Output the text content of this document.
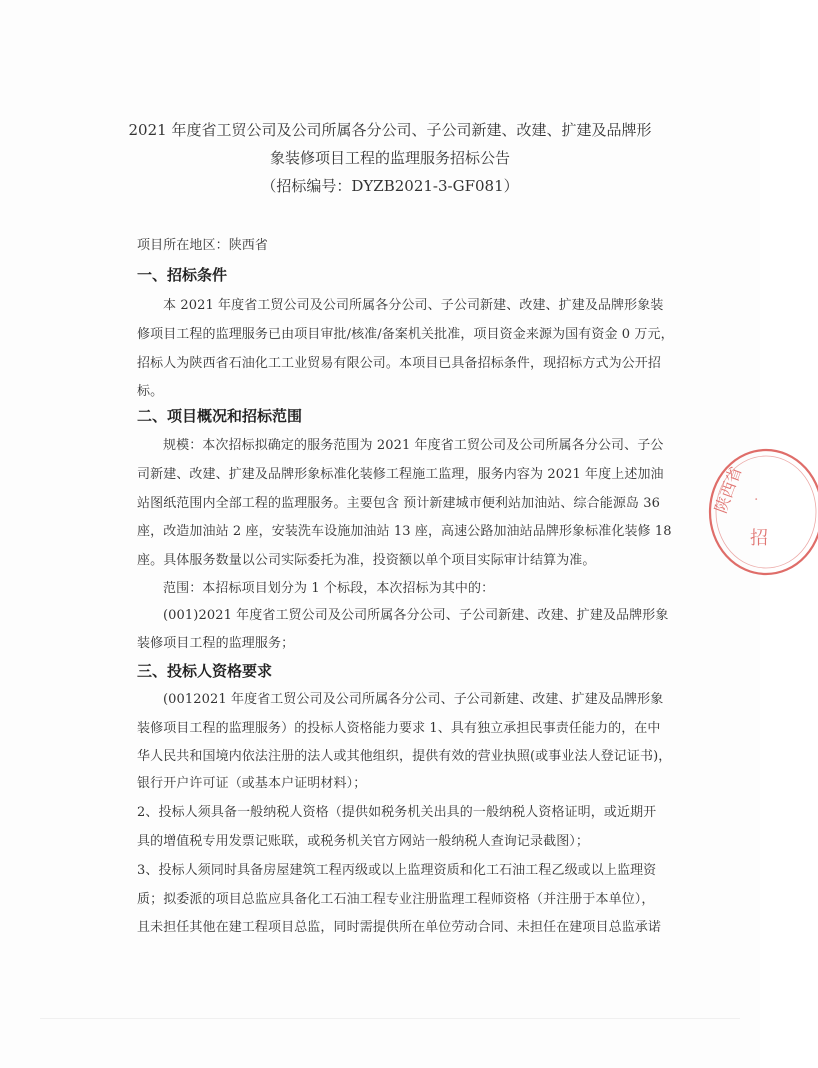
2021 年度省工贸公司及公司所属各分公司、子公司新建、改建、扩建及品牌形
象装修项目工程的监理服务招标公告
（招标编号：DYZB2021-3-GF081）
项目所在地区：陕西省
一、招标条件
本 2021 年度省工贸公司及公司所属各分公司、子公司新建、改建、扩建及品牌形象装
修项目工程的监理服务已由项目审批/核准/备案机关批准，项目资金来源为国有资金 0 万元，
招标人为陕西省石油化工工业贸易有限公司。本项目已具备招标条件，现招标方式为公开招
标。
二、项目概况和招标范围
规模：本次招标拟确定的服务范围为 2021 年度省工贸公司及公司所属各分公司、子公
司新建、改建、扩建及品牌形象标准化装修工程施工监理，服务内容为 2021 年度上述加油
站图纸范围内全部工程的监理服务。主要包含 预计新建城市便利站加油站、综合能源岛 36
座，改造加油站 2 座，安装洗车设施加油站 13 座，高速公路加油站品牌形象标准化装修 18
座。具体服务数量以公司实际委托为准，投资额以单个项目实际审计结算为准。
范围：本招标项目划分为 1 个标段，本次招标为其中的：
(001)2021 年度省工贸公司及公司所属各分公司、子公司新建、改建、扩建及品牌形象
装修项目工程的监理服务；
三、投标人资格要求
(0012021 年度省工贸公司及公司所属各分公司、子公司新建、改建、扩建及品牌形象
装修项目工程的监理服务）的投标人资格能力要求 1、具有独立承担民事责任能力的，在中
华人民共和国境内依法注册的法人或其他组织，提供有效的营业执照(或事业法人登记证书)，
银行开户许可证（或基本户证明材料）；
2、投标人须具备一般纳税人资格（提供如税务机关出具的一般纳税人资格证明，或近期开
具的增值税专用发票记账联，或税务机关官方网站一般纳税人查询记录截图）；
3、投标人须同时具备房屋建筑工程丙级或以上监理资质和化工石油工程乙级或以上监理资
质；拟委派的项目总监应具备化工石油工程专业注册监理工程师资格（并注册于本单位），
且未担任其他在建工程项目总监，同时需提供所在单位劳动合同、未担任在建项目总监承诺
陕西省
招
·
